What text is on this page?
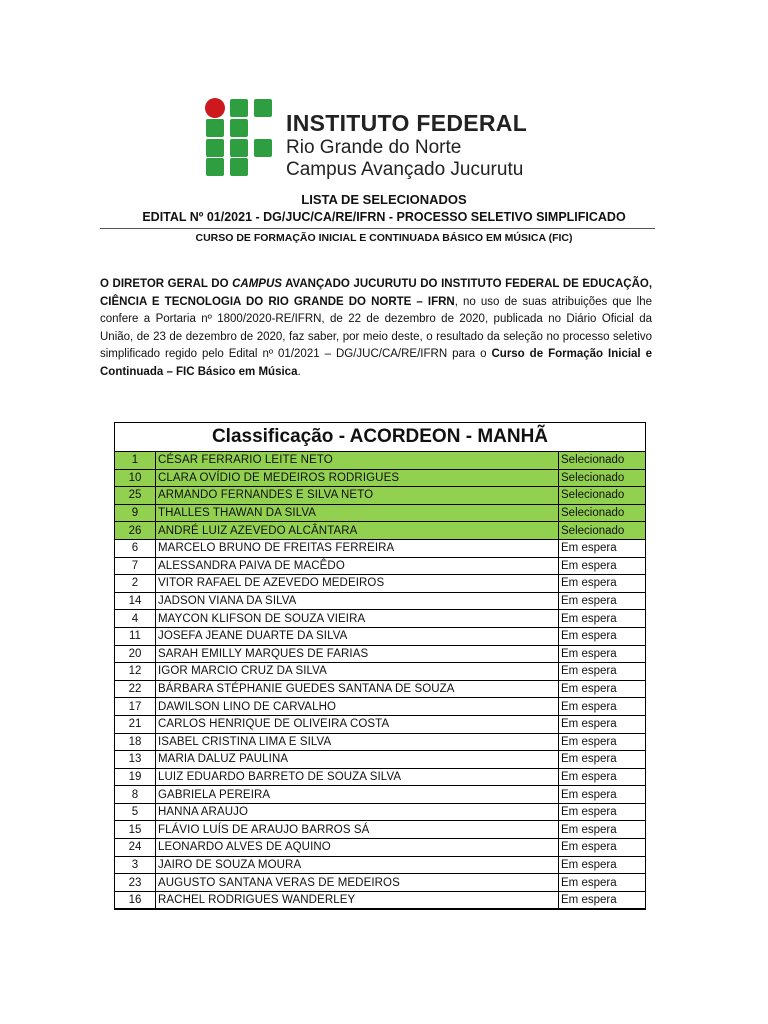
INSTITUTO FEDERAL
Rio Grande do Norte
Campus Avançado Jucurutu
LISTA DE SELECIONADOS
EDITAL Nº 01/2021 - DG/JUC/CA/RE/IFRN - PROCESSO SELETIVO SIMPLIFICADO
CURSO DE FORMAÇÃO INICIAL E CONTINUADA BÁSICO EM MÚSICA (FIC)
O DIRETOR GERAL DO CAMPUS AVANÇADO JUCURUTU DO INSTITUTO FEDERAL DE EDUCAÇÃO, CIÊNCIA E TECNOLOGIA DO RIO GRANDE DO NORTE – IFRN, no uso de suas atribuições que lhe confere a Portaria nº 1800/2020-RE/IFRN, de 22 de dezembro de 2020, publicada no Diário Oficial da União, de 23 de dezembro de 2020, faz saber, por meio deste, o resultado da seleção no processo seletivo simplificado regido pelo Edital nº 01/2021 – DG/JUC/CA/RE/IFRN para o Curso de Formação Inicial e Continuada – FIC Básico em Música.
Classificação - ACORDEON - MANHÃ
1	CÉSAR FERRARIO LEITE NETO	Selecionado
10	CLARA OVÍDIO DE MEDEIROS RODRIGUES	Selecionado
25	ARMANDO FERNANDES E SILVA NETO	Selecionado
9	THALLES THAWAN DA SILVA	Selecionado
26	ANDRÉ LUIZ AZEVEDO ALCÂNTARA	Selecionado
6	MARCELO BRUNO DE FREITAS FERREIRA	Em espera
7	ALESSANDRA PAIVA DE MACÊDO	Em espera
2	VITOR RAFAEL DE AZEVEDO MEDEIROS	Em espera
14	JADSON VIANA DA SILVA	Em espera
4	MAYCON KLIFSON DE SOUZA VIEIRA	Em espera
11	JOSEFA JEANE DUARTE DA SILVA	Em espera
20	SARAH EMILLY MARQUES DE FARIAS	Em espera
12	IGOR MARCIO CRUZ DA SILVA	Em espera
22	BÁRBARA STÉPHANIE GUEDES SANTANA DE SOUZA	Em espera
17	DAWILSON LINO DE CARVALHO	Em espera
21	CARLOS HENRIQUE DE OLIVEIRA COSTA	Em espera
18	ISABEL CRISTINA LIMA E SILVA	Em espera
13	MARIA DALUZ PAULINA	Em espera
19	LUIZ EDUARDO BARRETO DE SOUZA SILVA	Em espera
8	GABRIELA PEREIRA	Em espera
5	HANNA ARAUJO	Em espera
15	FLÁVIO LUÍS DE ARAUJO BARROS SÁ	Em espera
24	LEONARDO ALVES DE AQUINO	Em espera
3	JAIRO DE SOUZA MOURA	Em espera
23	AUGUSTO SANTANA VERAS DE MEDEIROS	Em espera
16	RACHEL RODRIGUES WANDERLEY	Em espera
